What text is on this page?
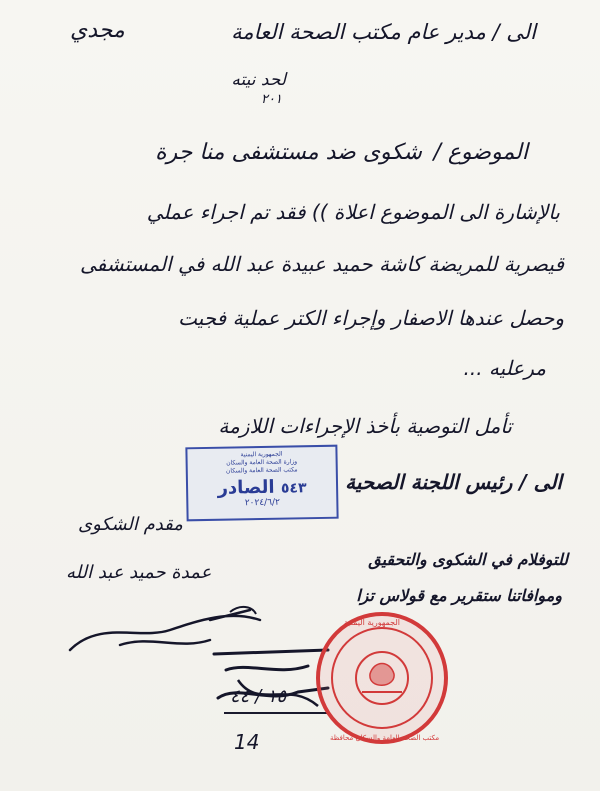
الى / مدير عام مكتب الصحة العامة
مجدي
لحد نيته
٢٠١
الموضوع /
شكوى ضد مستشفى منا جرة
بالإشارة الى الموضوع اعلاة )) فقد تم اجراء عملي
قيصرية للمريضة كاشة حميد عبيدة عبد الله في المستشفى
وحصل عندها الاصفار وإجراء الكتر عملية فجيت
مرعليه ...
تأمل التوصية بأخذ الإجراءات اللازمة
الجمهورية اليمنية
وزارة الصحة العامة والسكان
مكتب الصحة العامة والسكان
٥٤٣ الصادر
٢٠٢٤/٦/٢
الى / رئيس اللجنة الصحية
مقدم الشكوى
عمدة حميد عبد الله
للتوفلام في الشكوى والتحقيق
وموافاتنا ستقرير مع قولاس تزا
١٥ / ٤٤
الجمهورية اليمنية
مكتب الصحة العامة والسكان محافظة
14
